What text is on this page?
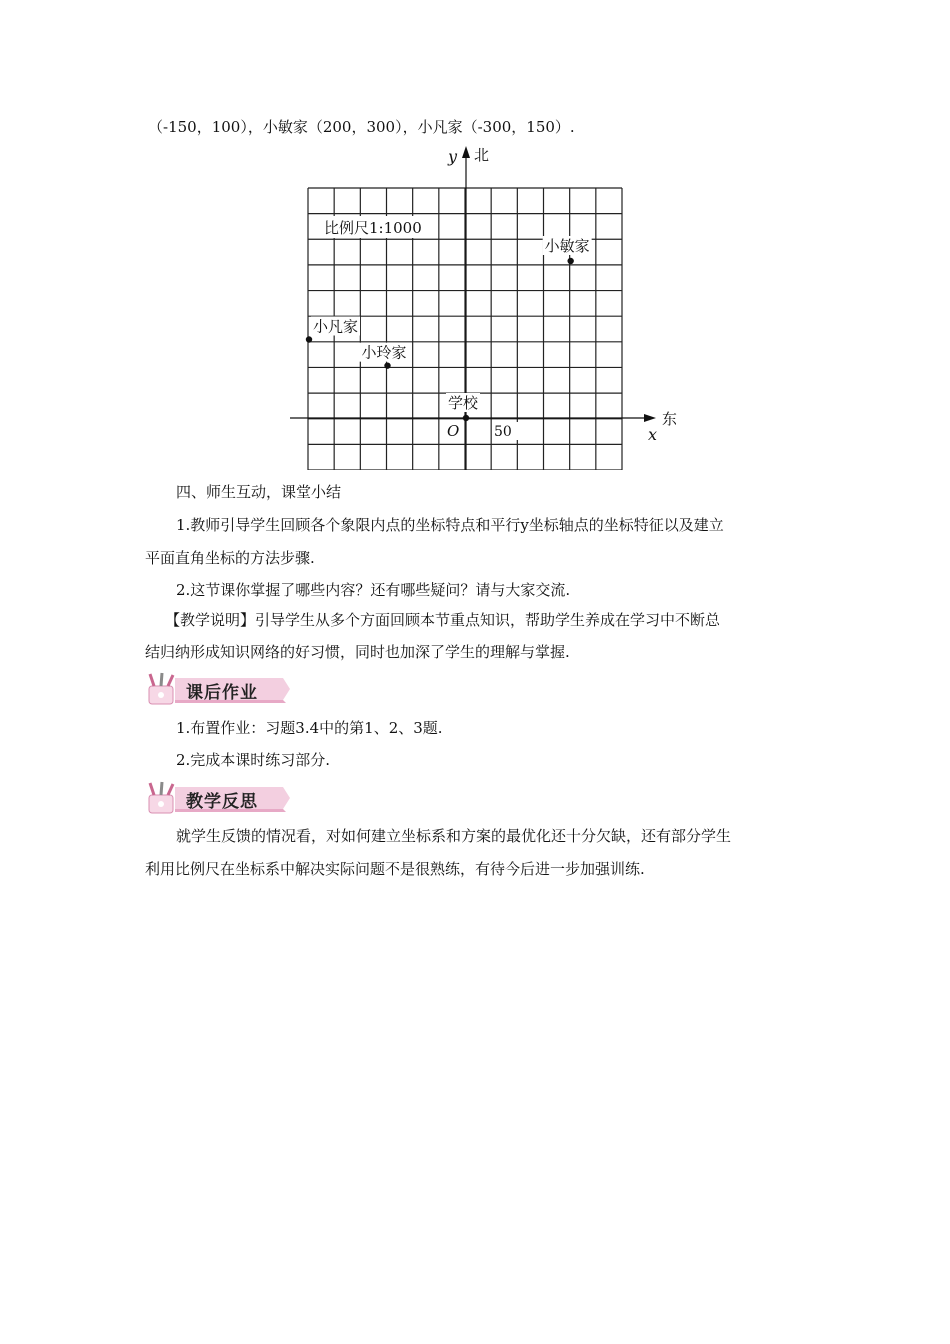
（-150，100），小敏家（200，300），小凡家（-300，150）.
比例尺1:1000
y 北
东
x
O 50
学校
小敏家
小凡家
小玲家
四、师生互动，课堂小结
1.教师引导学生回顾各个象限内点的坐标特点和平行y坐标轴点的坐标特征以及建立
平面直角坐标的方法步骤.
2.这节课你掌握了哪些内容？还有哪些疑问？请与大家交流.
【教学说明】引导学生从多个方面回顾本节重点知识，帮助学生养成在学习中不断总
结归纳形成知识网络的好习惯，同时也加深了学生的理解与掌握.
课后作业
1.布置作业：习题3.4中的第1、2、3题.
2.完成本课时练习部分.
教学反思
就学生反馈的情况看，对如何建立坐标系和方案的最优化还十分欠缺，还有部分学生
利用比例尺在坐标系中解决实际问题不是很熟练，有待今后进一步加强训练.
